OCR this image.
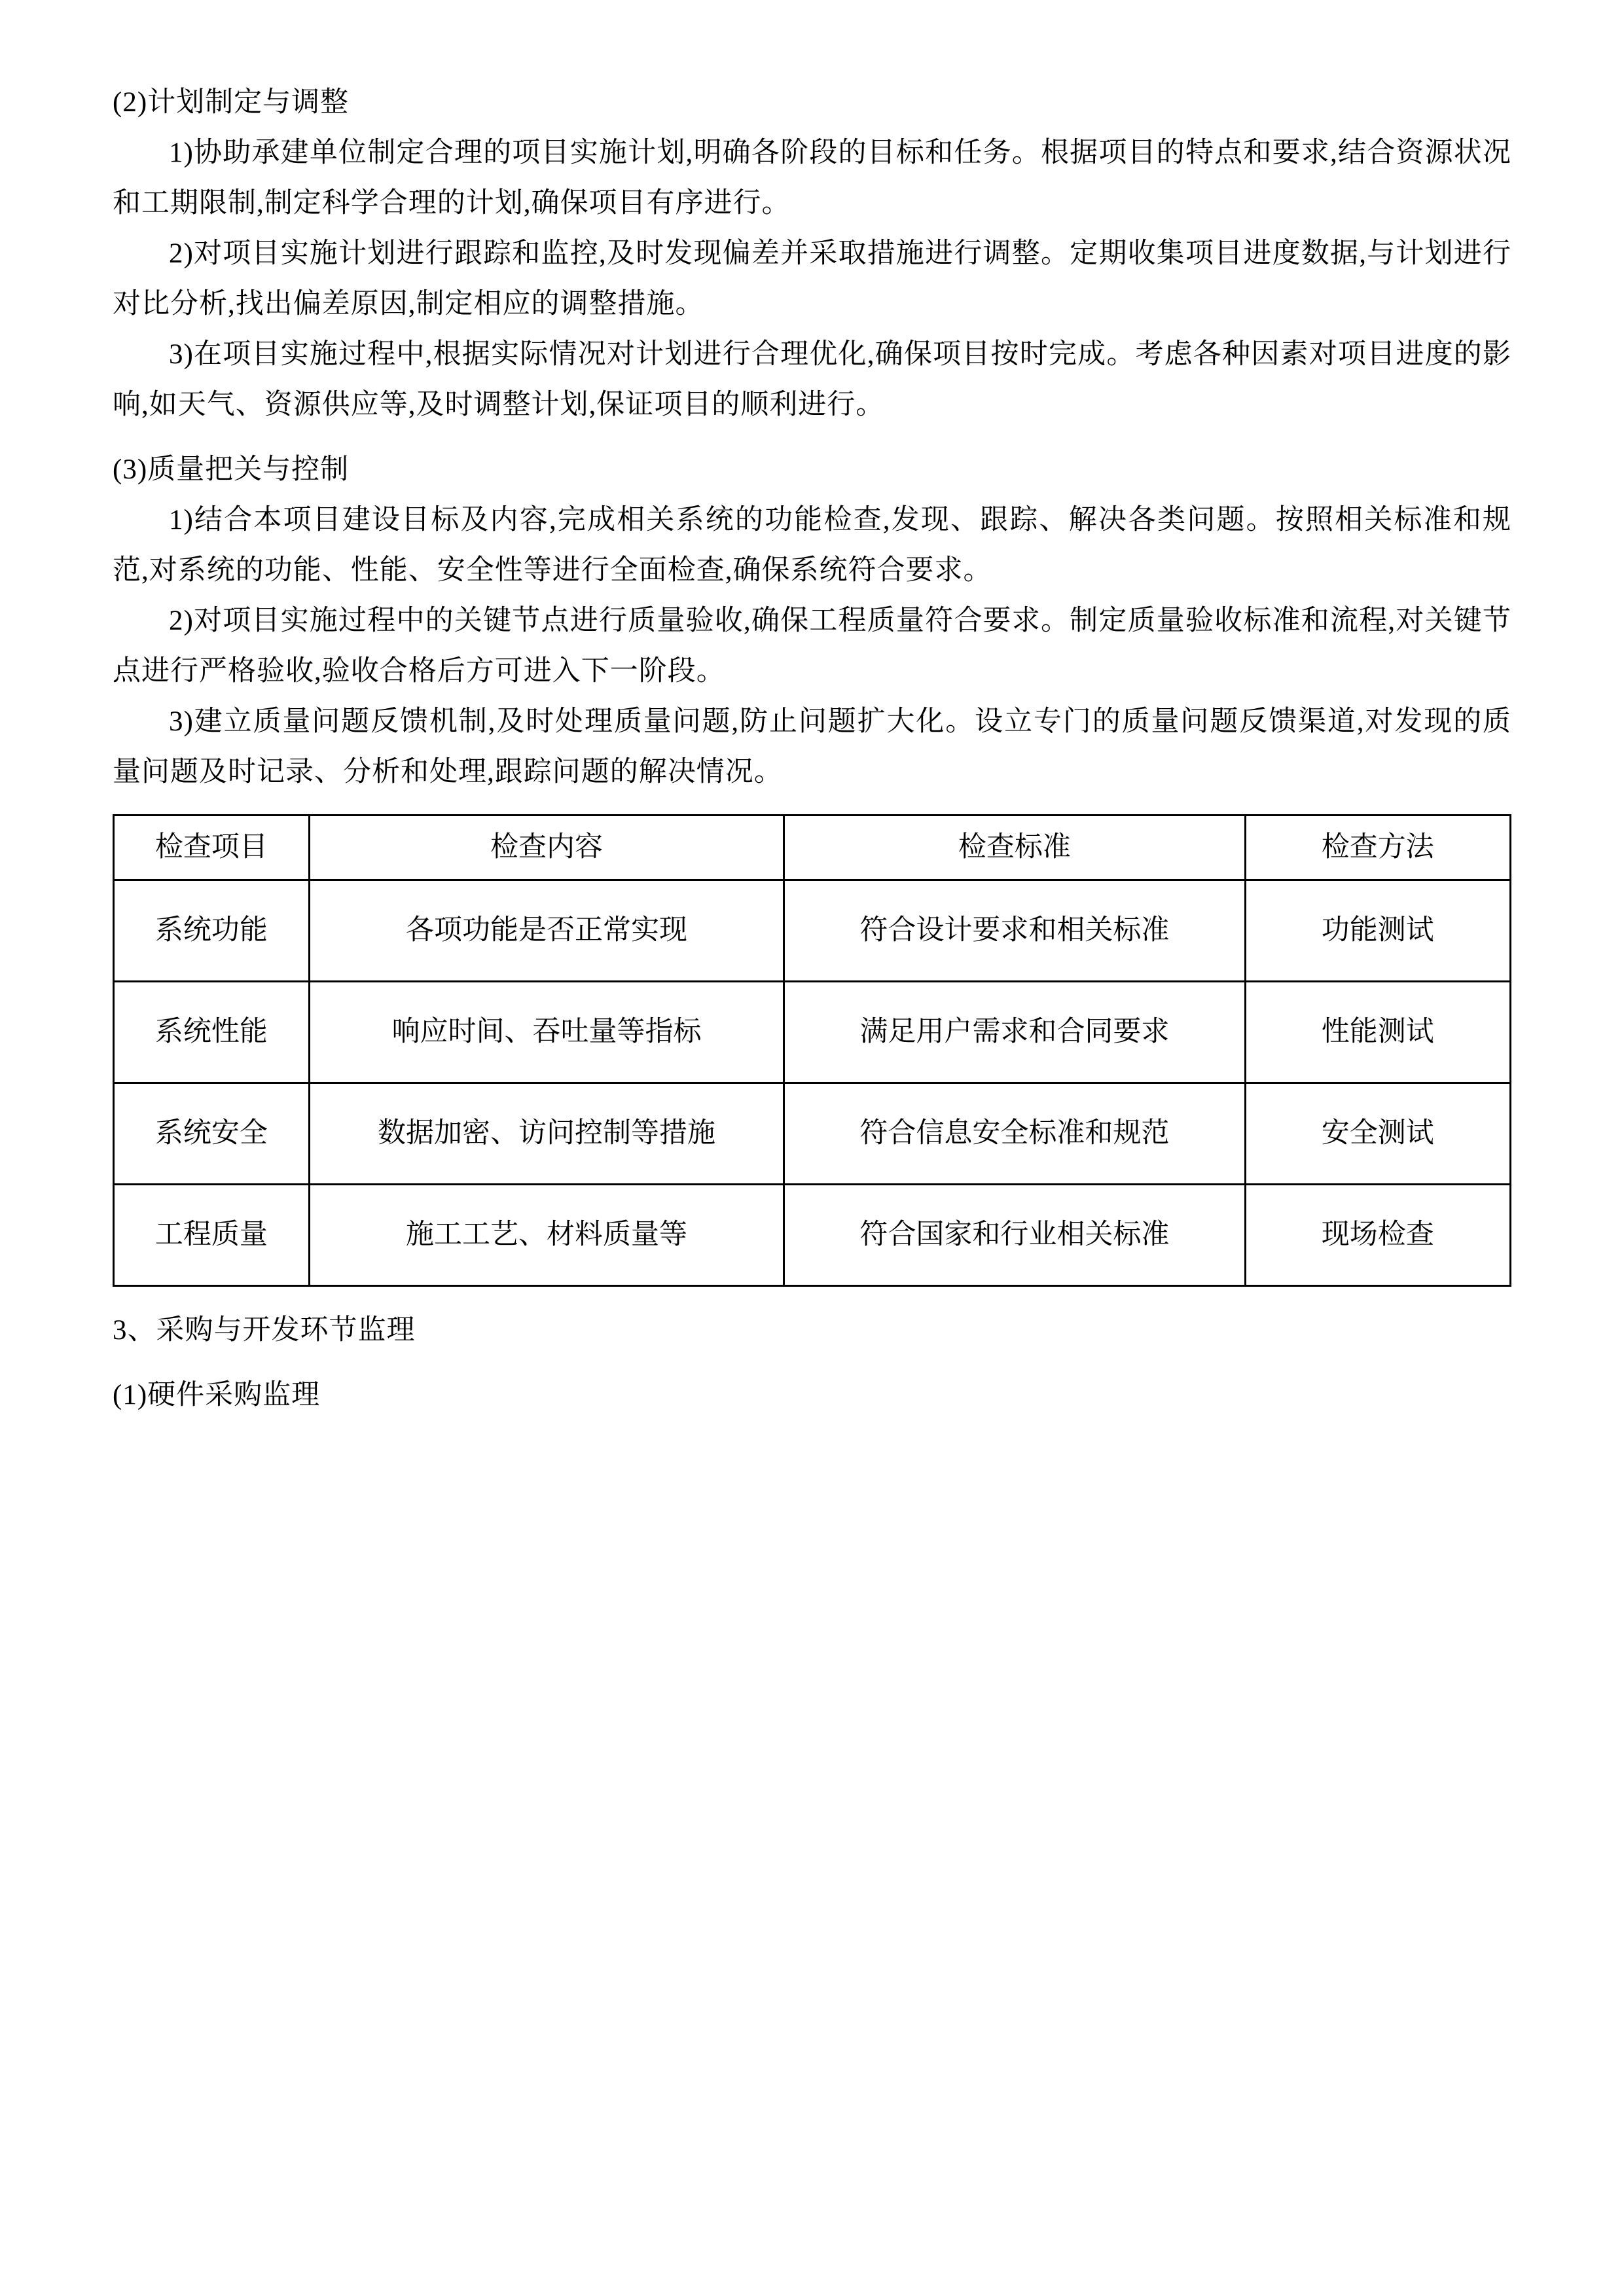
(2)计划制定与调整

1)协助承建单位制定合理的项目实施计划,明确各阶段的目标和任务。根据项目的特点和要求,结合资源状况和工期限制,制定科学合理的计划,确保项目有序进行。

2)对项目实施计划进行跟踪和监控,及时发现偏差并采取措施进行调整。定期收集项目进度数据,与计划进行对比分析,找出偏差原因,制定相应的调整措施。

3)在项目实施过程中,根据实际情况对计划进行合理优化,确保项目按时完成。考虑各种因素对项目进度的影响,如天气、资源供应等,及时调整计划,保证项目的顺利进行。

(3)质量把关与控制

1)结合本项目建设目标及内容,完成相关系统的功能检查,发现、跟踪、解决各类问题。按照相关标准和规范,对系统的功能、性能、安全性等进行全面检查,确保系统符合要求。

2)对项目实施过程中的关键节点进行质量验收,确保工程质量符合要求。制定质量验收标准和流程,对关键节点进行严格验收,验收合格后方可进入下一阶段。

3)建立质量问题反馈机制,及时处理质量问题,防止问题扩大化。设立专门的质量问题反馈渠道,对发现的质量问题及时记录、分析和处理,跟踪问题的解决情况。

检查项目	检查内容	检查标准	检查方法
系统功能	各项功能是否正常实现	符合设计要求和相关标准	功能测试
系统性能	响应时间、吞吐量等指标	满足用户需求和合同要求	性能测试
系统安全	数据加密、访问控制等措施	符合信息安全标准和规范	安全测试
工程质量	施工工艺、材料质量等	符合国家和行业相关标准	现场检查

3、采购与开发环节监理

(1)硬件采购监理
